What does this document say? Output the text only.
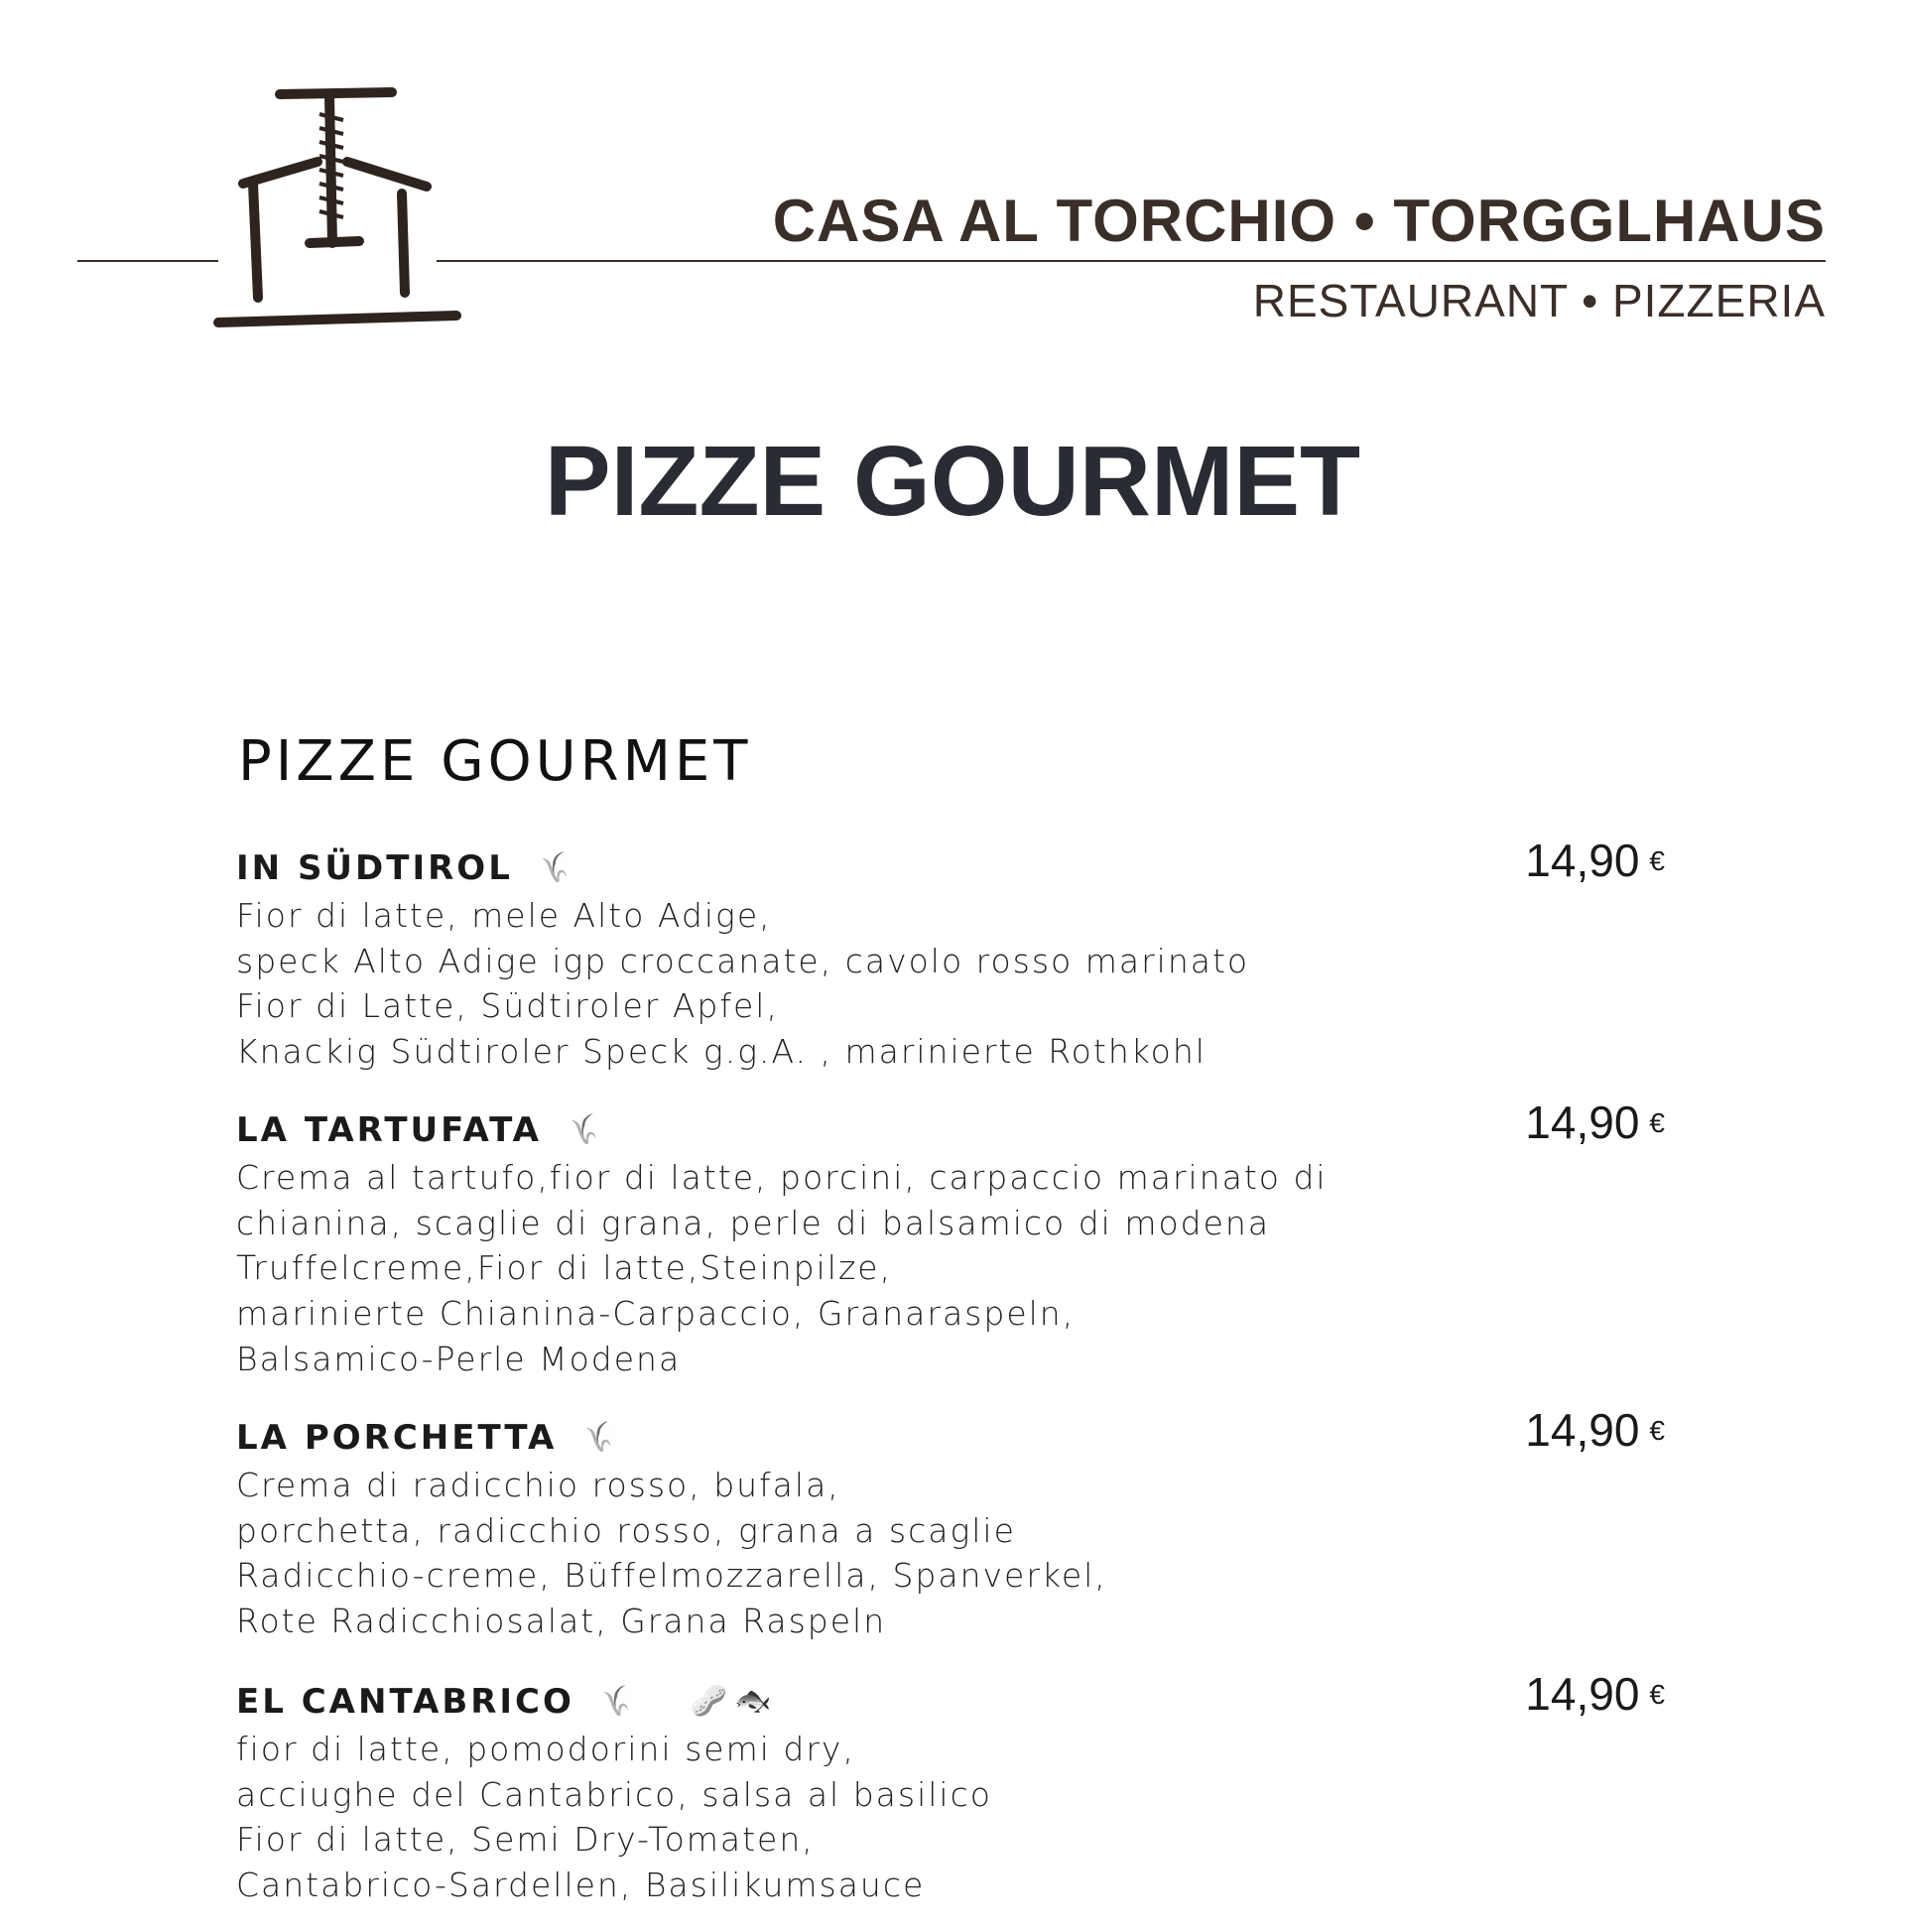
CASA AL TORCHIO • TORGGLHAUS
RESTAURANT • PIZZERIA
PIZZE GOURMET
PIZZE GOURMET
IN SÜDTIROL 🌾 🥛	14,90 €
Fior di latte, mele Alto Adige,
speck Alto Adige igp croccanate, cavolo rosso marinato
Fior di Latte, Südtiroler Apfel,
Knackig Südtiroler Speck g.g.A. , marinierte Rothkohl
LA TARTUFATA 🌾 🥛	14,90 €
Crema al tartufo,fior di latte, porcini, carpaccio marinato di
chianina, scaglie di grana, perle di balsamico di modena
Truffelcreme,Fior di latte,Steinpilze,
marinierte Chianina-Carpaccio, Granaraspeln,
Balsamico-Perle Modena
LA PORCHETTA 🌾 🥛	14,90 €
Crema di radicchio rosso, bufala,
porchetta, radicchio rosso, grana a scaglie
Radicchio-creme, Büffelmozzarella, Spanverkel,
Rote Radicchiosalat, Grana Raspeln
EL CANTABRICO 🌾 🥛 🥜 🐟	14,90 €
fior di latte, pomodorini semi dry,
acciughe del Cantabrico, salsa al basilico
Fior di latte, Semi Dry-Tomaten,
Cantabrico-Sardellen, Basilikumsauce
